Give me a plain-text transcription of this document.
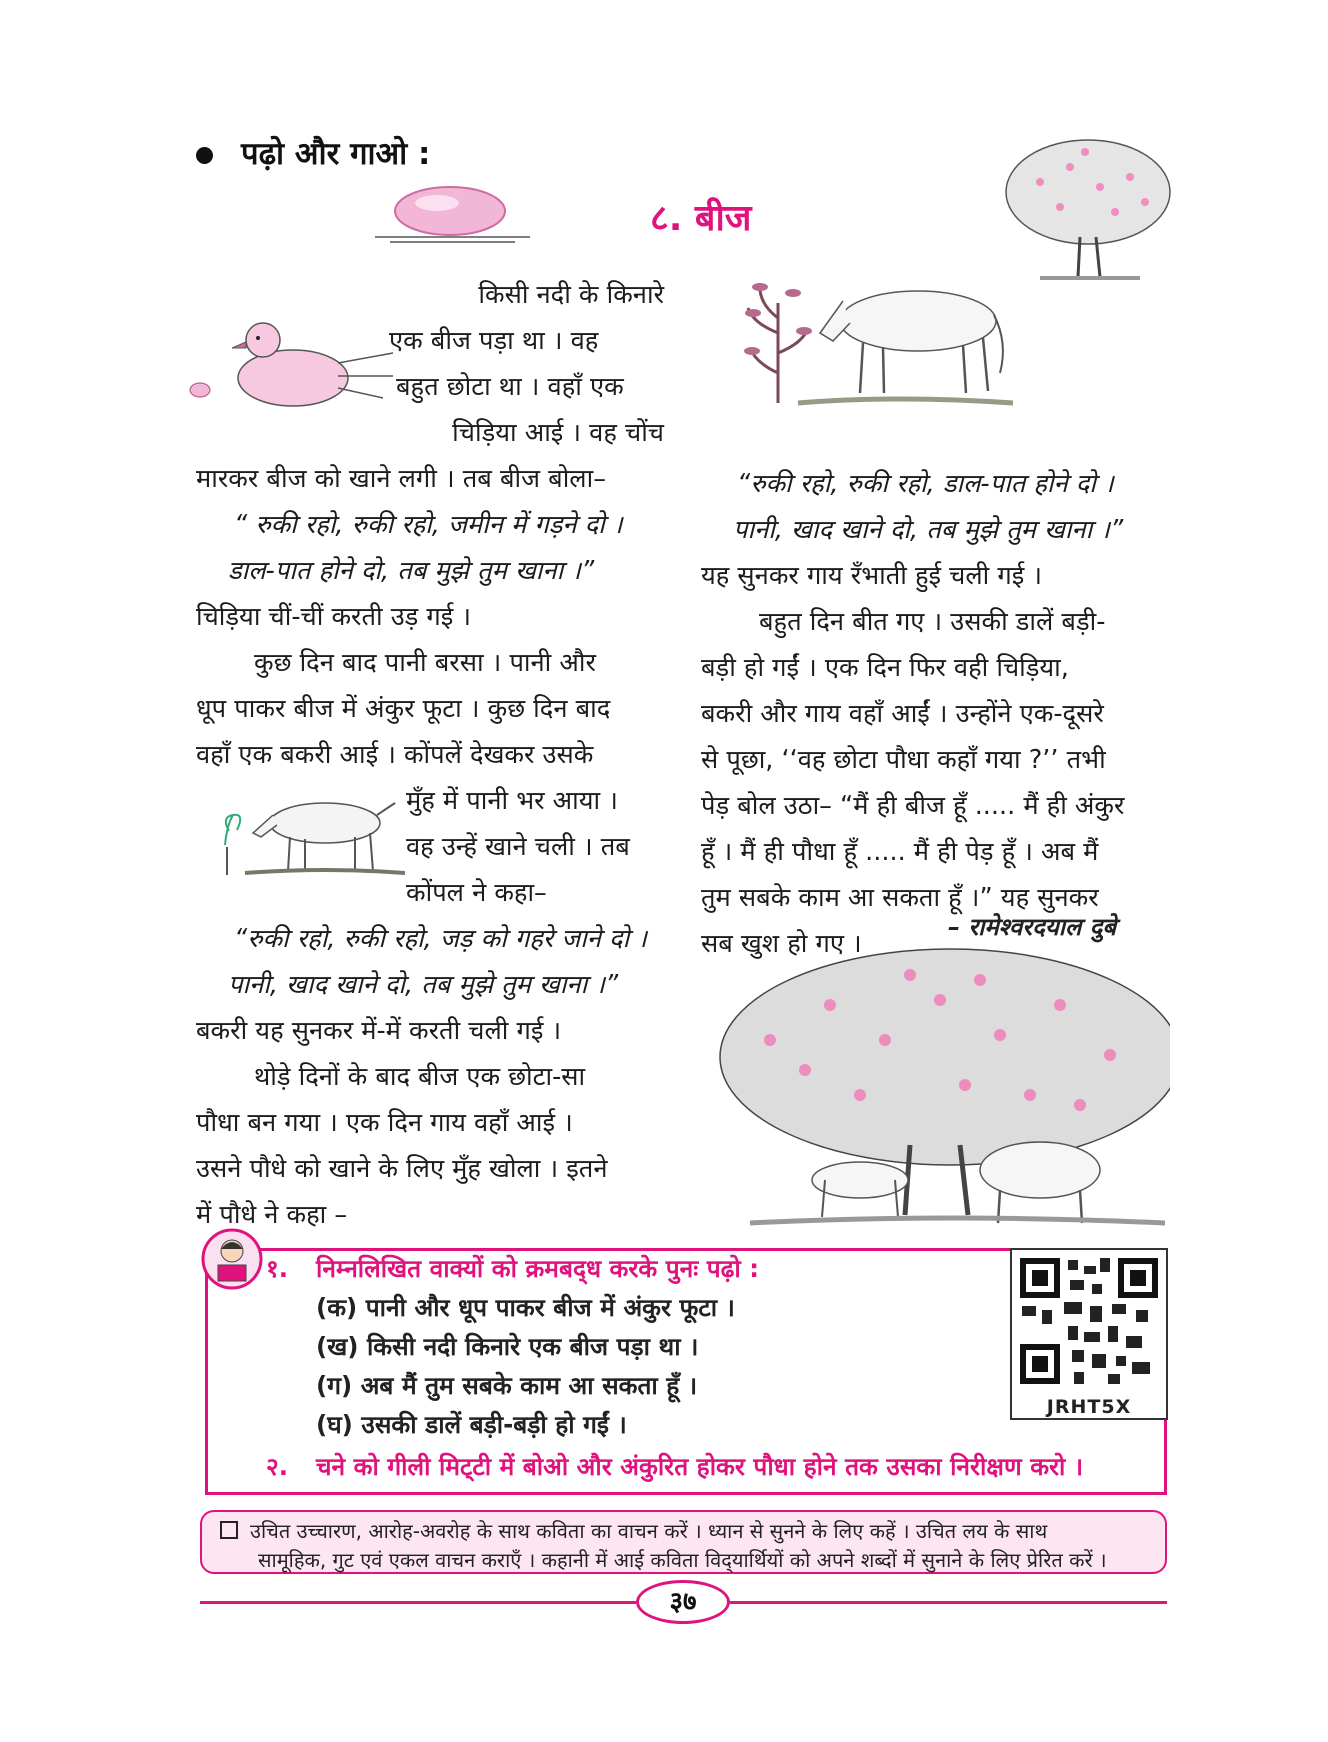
पढ़ो और गाओ :
८. बीज
किसी नदी के किनारे
एक बीज पड़ा था । वह
बहुत छोटा था । वहाँ एक
चिड़िया आई । वह चोंच
मारकर बीज को खाने लगी । तब बीज बोला–
“ रुकी रहो, रुकी रहो, जमीन में गड़ने दो ।
डाल-पात होने दो, तब मुझे तुम खाना ।”
चिड़िया चीं-चीं करती उड़ गई ।
कुछ दिन बाद पानी बरसा । पानी और
धूप पाकर बीज में अंकुर फूटा । कुछ दिन बाद
वहाँ एक बकरी आई । कोंपलें देखकर उसके
मुँह में पानी भर आया ।
वह उन्हें खाने चली । तब
कोंपल ने कहा–
“रुकी रहो, रुकी रहो, जड़ को गहरे जाने दो ।
पानी, खाद खाने दो, तब मुझे तुम खाना ।”
बकरी यह सुनकर में-में करती चली गई ।
थोड़े दिनों के बाद बीज एक छोटा-सा
पौधा बन गया । एक दिन गाय वहाँ आई ।
उसने पौधे को खाने के लिए मुँह खोला । इतने
में पौधे ने कहा –
“रुकी रहो, रुकी रहो, डाल-पात होने दो ।
पानी, खाद खाने दो, तब मुझे तुम खाना ।”
यह सुनकर गाय रँभाती हुई चली गई ।
बहुत दिन बीत गए । उसकी डालें बड़ी-
बड़ी हो गईं । एक दिन फिर वही चिड़िया,
बकरी और गाय वहाँ आईं । उन्होंने एक-दूसरे
से पूछा, ‘‘वह छोटा पौधा कहाँ गया ?’’ तभी
पेड़ बोल उठा– “मैं ही बीज हूँ ..... मैं ही अंकुर
हूँ । मैं ही पौधा हूँ ..... मैं ही पेड़ हूँ । अब मैं
तुम सबके काम आ सकता हूँ ।” यह सुनकर
सब खुश हो गए ।
– रामेश्वरदयाल दुबे
१. निम्नलिखित वाक्यों को क्रमबद्‌ध करके पुनः पढ़ो :
(क) पानी और धूप पाकर बीज में अंकुर फूटा ।
(ख) किसी नदी किनारे एक बीज पड़ा था ।
(ग) अब मैं तुम सबके काम आ सकता हूँ ।
(घ) उसकी डालें बड़ी-बड़ी हो गईं ।
२. चने को गीली मिट्‌टी में बोओ और अंकुरित होकर पौधा होने तक उसका निरीक्षण करो ।
JRHT5X
उचित उच्चारण, आरोह-अवरोह के साथ कविता का वाचन करें । ध्यान से सुनने के लिए कहें । उचित लय के साथ
सामूहिक, गुट एवं एकल वाचन कराएँ । कहानी में आई कविता विद्‌यार्थियों को अपने शब्दों में सुनाने के लिए प्रेरित करें ।
३७
